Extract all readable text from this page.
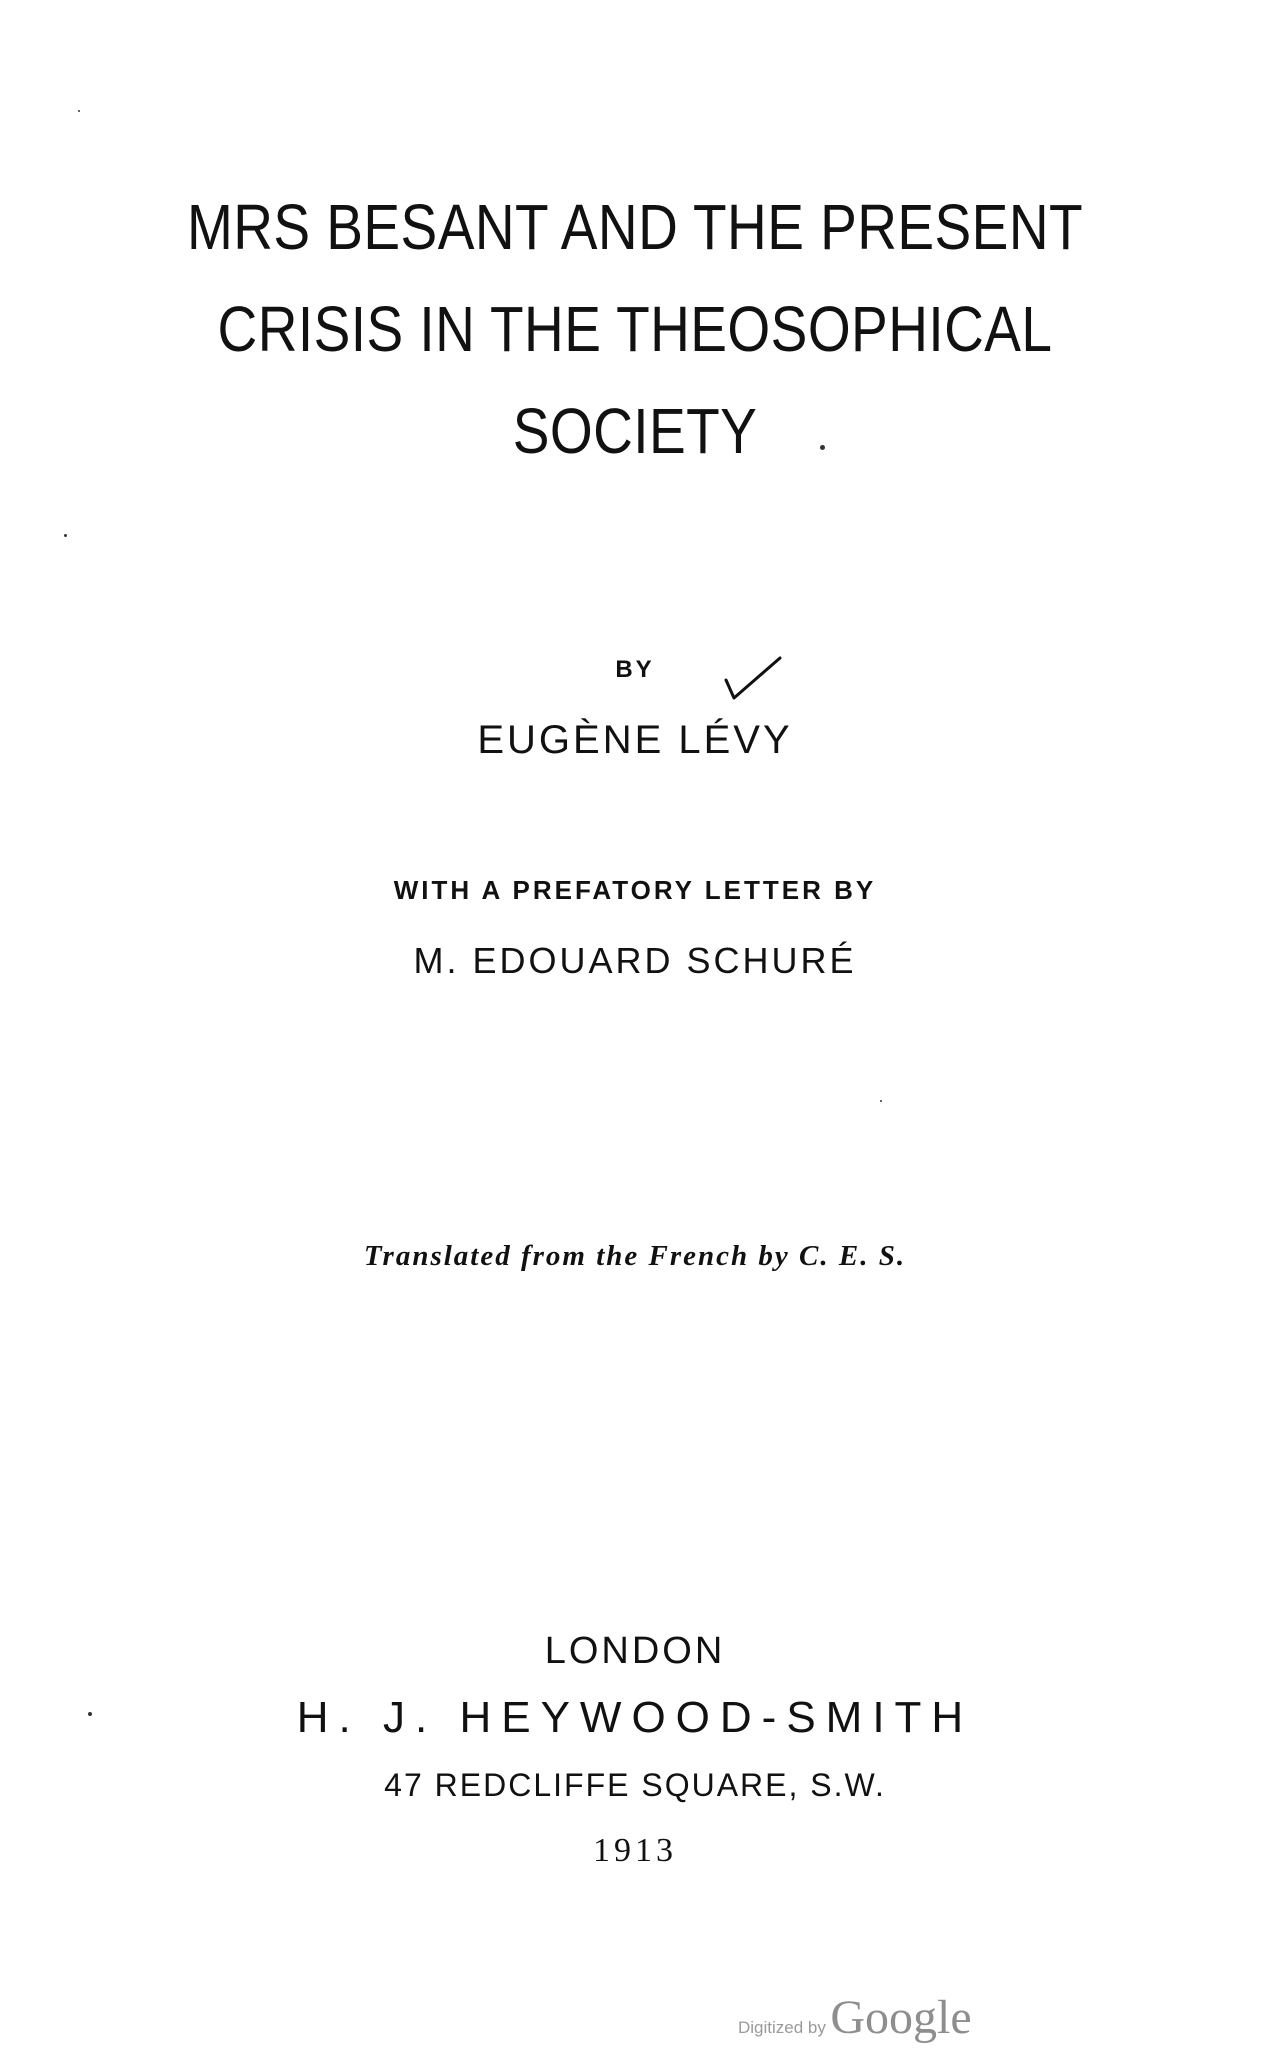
MRS BESANT AND THE PRESENT
CRISIS IN THE THEOSOPHICAL
SOCIETY
BY
EUGÈNE LÉVY
WITH A PREFATORY LETTER BY
M. EDOUARD SCHURÉ
Translated from the French by C. E. S.
LONDON
H. J. HEYWOOD-SMITH
47 REDCLIFFE SQUARE, S.W.
1913
Digitized by Google
